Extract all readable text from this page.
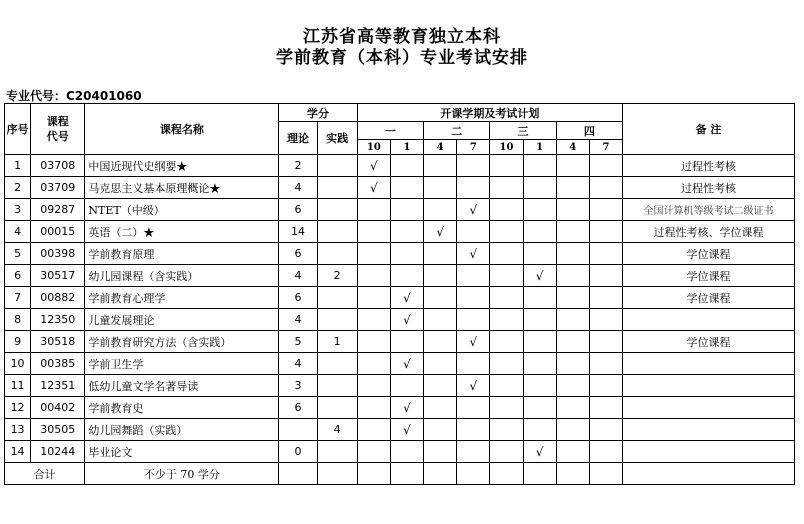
江苏省高等教育独立本科
学前教育（本科）专业考试安排
专业代号：C20401060
序号	课程代号	课程名称	学分		开课学期及考试计划								备 注
			理论	实践	一		二		三		四		
					10	1	4	7	10	1	4	7	
1	03708	中国近现代史纲要★	2		√								过程性考核
2	03709	马克思主义基本原理概论★	4		√								过程性考核
3	09287	NTET（中级）	6					√					全国计算机等级考试二级证书
4	00015	英语（二）★	14				√						过程性考核、学位课程
5	00398	学前教育原理	6					√					学位课程
6	30517	幼儿园课程（含实践）	4	2						√			学位课程
7	00882	学前教育心理学	6			√							学位课程
8	12350	儿童发展理论	4			√							
9	30518	学前教育研究方法（含实践）	5	1				√					学位课程
10	00385	学前卫生学	4			√							
11	12351	低幼儿童文学名著导读	3					√					
12	00402	学前教育史	6			√							
13	30505	幼儿园舞蹈（实践）		4		√							
14	10244	毕业论文	0							√			
合计		不少于 70 学分											
